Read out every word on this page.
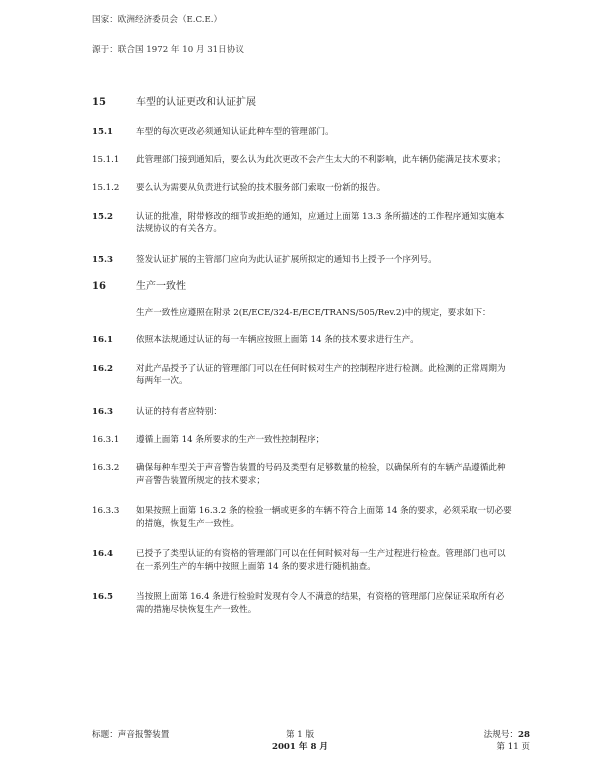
国家：欧洲经济委员会（E.C.E.）
源于：联合国 1972 年 10 月 31日协议
15	车型的认证更改和认证扩展
15.1	车型的每次更改必须通知认证此种车型的管理部门。
15.1.1	此管理部门接到通知后，要么认为此次更改不会产生太大的不利影响，此车辆仍能满足技术要求；
15.1.2	要么认为需要从负责进行试验的技术服务部门索取一份新的报告。
15.2	认证的批准，附带修改的细节或拒绝的通知，应通过上面第 13.3 条所描述的工作程序通知实施本法规协议的有关各方。
15.3	签发认证扩展的主管部门应向为此认证扩展所拟定的通知书上授予一个序列号。
16	生产一致性
生产一致性应遵照在附录 2(E/ECE/324-E/ECE/TRANS/505/Rev.2)中的规定，要求如下：
16.1	依照本法规通过认证的每一车辆应按照上面第 14 条的技术要求进行生产。
16.2	对此产品授予了认证的管理部门可以在任何时候对生产的控制程序进行检测。此检测的正常周期为每两年一次。
16.3	认证的持有者应特别：
16.3.1	遵循上面第 14 条所要求的生产一致性控制程序；
16.3.2	确保每种车型关于声音警告装置的号码及类型有足够数量的检验，以确保所有的车辆产品遵循此种声音警告装置所规定的技术要求；
16.3.3	如果按照上面第 16.3.2 条的检验一辆或更多的车辆不符合上面第 14 条的要求，必须采取一切必要的措施，恢复生产一致性。
16.4	已授予了类型认证的有资格的管理部门可以在任何时候对每一生产过程进行检查。管理部门也可以在一系列生产的车辆中按照上面第 14 条的要求进行随机抽查。
16.5	当按照上面第 16.4 条进行检验时发现有令人不满意的结果，有资格的管理部门应保证采取所有必需的措施尽快恢复生产一致性。
标题：声音报警装置	第 1 版
2001 年 8 月
法规号：28
第 11 页
